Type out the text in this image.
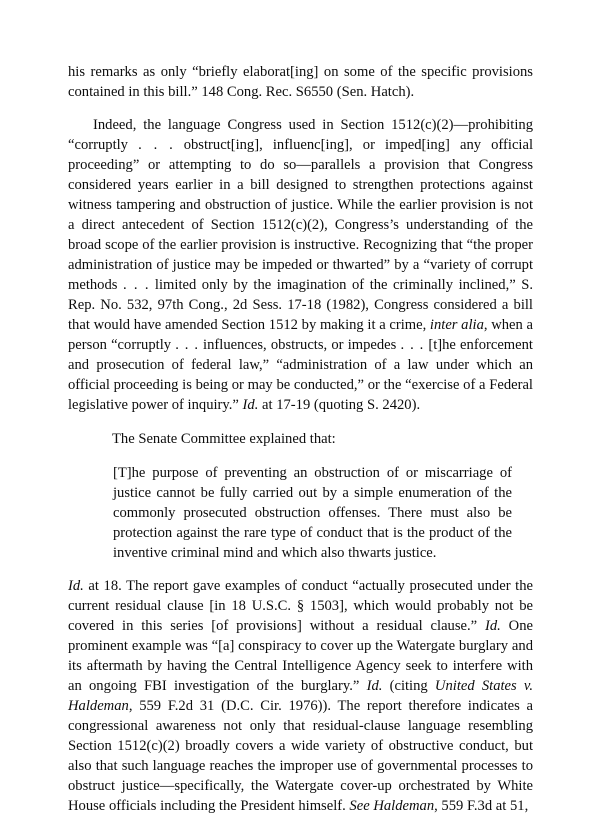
his remarks as only “briefly elaborat[ing] on some of the specific provisions contained in this bill.” 148 Cong. Rec. S6550 (Sen. Hatch).

Indeed, the language Congress used in Section 1512(c)(2)—prohibiting “corruptly . . . obstruct[ing], influenc[ing], or imped[ing] any official proceeding” or attempting to do so—parallels a provision that Congress considered years earlier in a bill designed to strengthen protections against witness tampering and obstruction of justice. While the earlier provision is not a direct antecedent of Section 1512(c)(2), Congress’s understanding of the broad scope of the earlier provision is instructive. Recognizing that “the proper administration of justice may be impeded or thwarted” by a “variety of corrupt methods . . . limited only by the imagination of the criminally inclined,” S. Rep. No. 532, 97th Cong., 2d Sess. 17-18 (1982), Congress considered a bill that would have amended Section 1512 by making it a crime, inter alia, when a person “corruptly . . . influences, obstructs, or impedes . . . [t]he enforcement and prosecution of federal law,” “administration of a law under which an official proceeding is being or may be conducted,” or the “exercise of a Federal legislative power of inquiry.” Id. at 17-19 (quoting S. 2420).

The Senate Committee explained that:

[T]he purpose of preventing an obstruction of or miscarriage of justice cannot be fully carried out by a simple enumeration of the commonly prosecuted obstruction offenses. There must also be protection against the rare type of conduct that is the product of the inventive criminal mind and which also thwarts justice.

Id. at 18. The report gave examples of conduct “actually prosecuted under the current residual clause [in 18 U.S.C. § 1503], which would probably not be covered in this series [of provisions] without a residual clause.” Id. One prominent example was “[a] conspiracy to cover up the Watergate burglary and its aftermath by having the Central Intelligence Agency seek to interfere with an ongoing FBI investigation of the burglary.” Id. (citing United States v. Haldeman, 559 F.2d 31 (D.C. Cir. 1976)). The report therefore indicates a congressional awareness not only that residual-clause language resembling Section 1512(c)(2) broadly covers a wide variety of obstructive conduct, but also that such language reaches the improper use of governmental processes to obstruct justice—specifically, the Watergate cover-up orchestrated by White House officials including the President himself. See Haldeman, 559 F.3d at 51,
